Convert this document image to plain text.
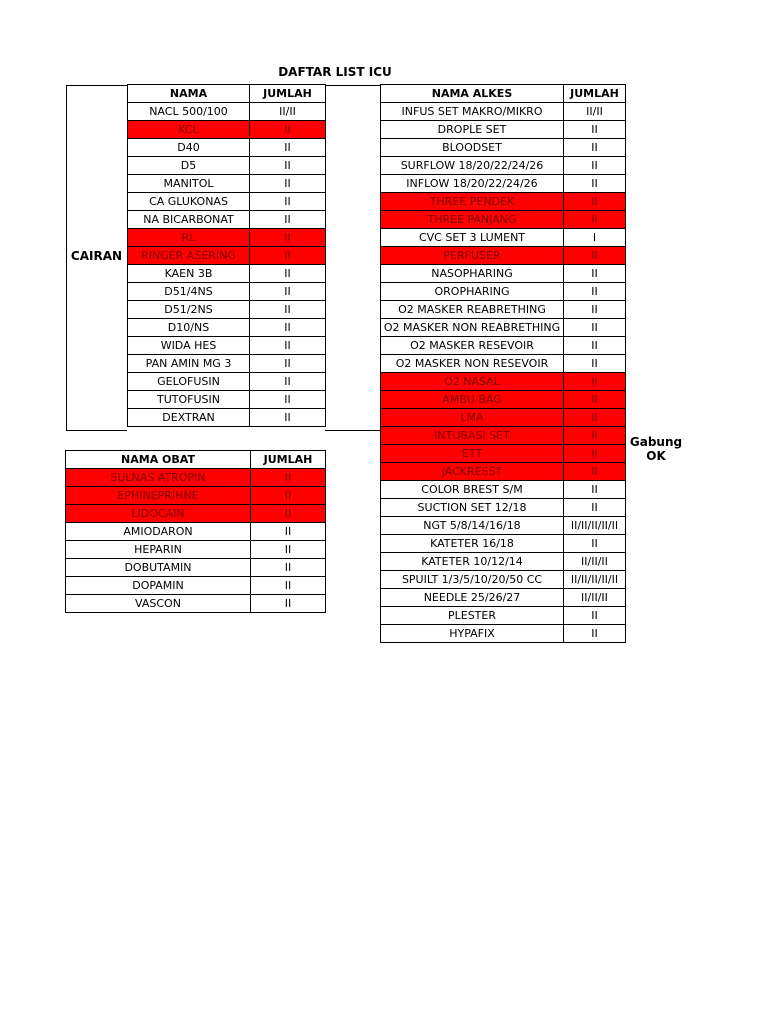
DAFTAR LIST ICU
CAIRAN
NAMA	JUMLAH
NACL 500/100	II/II
KCL	II
D40	II
D5	II
MANITOL	II
CA GLUKONAS	II
NA BICARBONAT	II
RL	II
RINGER ASERING	II
KAEN 3B	II
D51/4NS	II
D51/2NS	II
D10/NS	II
WIDA HES	II
PAN AMIN MG 3	II
GELOFUSIN	II
TUTOFUSIN	II
DEXTRAN	II
NAMA OBAT	JUMLAH
SULNAS ATROPIN	II
EPHINEPRIHNE	II
LIDOCAIN	II
AMIODARON	II
HEPARIN	II
DOBUTAMIN	II
DOPAMIN	II
VASCON	II
NAMA ALKES	JUMLAH
INFUS SET MAKRO/MIKRO	II/II
DROPLE SET	II
BLOODSET	II
SURFLOW 18/20/22/24/26	II
INFLOW 18/20/22/24/26	II
THREE PENDEK	II
THREE PANJANG	II
CVC SET 3 LUMENT	I
PERFUSER	II
NASOPHARING	II
OROPHARING	II
O2 MASKER REABRETHING	II
O2 MASKER NON REABRETHING	II
O2 MASKER RESEVOIR	II
O2 MASKER NON RESEVOIR	II
O2 NASAL	II
AMBU BAG	II
LMA	II
INTUBASI SET	II
ETT	II
JACKRESST	II
COLOR BREST S/M	II
SUCTION SET 12/18	II
NGT 5/8/14/16/18	II/II/II/II/II
KATETER 16/18	II
KATETER 10/12/14	II/II/II
SPUILT 1/3/5/10/20/50 CC	II/II/II/II/II
NEEDLE 25/26/27	II/II/II
PLESTER	II
HYPAFIX	II
Gabung OK
